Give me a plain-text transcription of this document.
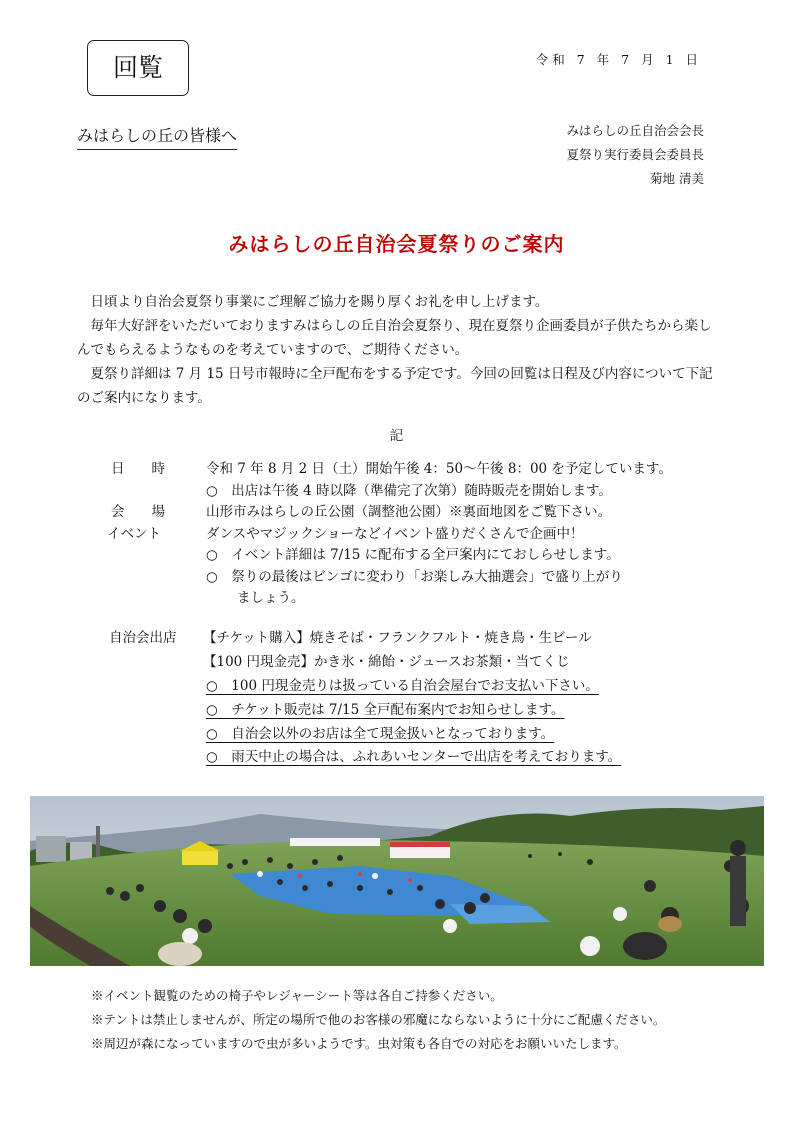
回覧	令和 7 年 7 月 1 日
みはらしの丘の皆様へ	みはらしの丘自治会会長
夏祭り実行委員会委員長
菊地 清美
みはらしの丘自治会夏祭りのご案内

日頃より自治会夏祭り事業にご理解ご協力を賜り厚くお礼を申し上げます。

毎年大好評をいただいておりますみはらしの丘自治会夏祭り、現在夏祭り企画委員が子供たちから楽しんでもらえるようなものを考えていますので、ご期待ください。

夏祭り詳細は 7 月 15 日号市報時に全戸配布をする予定です。今回の回覧は日程及び内容について下記のご案内になります。

記
日　　時	令和 7 年 8 月 2 日（土）開始午後 4：50～午後 8：00 を予定しています。
○　出店は午後 4 時以降（準備完了次第）随時販売を開始します。
会　　場	山形市みはらしの丘公園（調整池公園）※裏面地図をご覧下さい。
イベント	ダンスやマジックショーなどイベント盛りだくさんで企画中！
○　イベント詳細は 7/15 に配布する全戸案内にておしらせします。
○　祭りの最後はビンゴに変わり「お楽しみ大抽選会」で盛り上がり
ましょう。
自治会出店 【チケット購入】焼きそば・フランクフルト・焼き鳥・生ビール
【100 円現金売】かき氷・綿飴・ジュースお茶類・当てくじ
○　100 円現金売りは扱っている自治会屋台でお支払い下さい。
○　チケット販売は 7/15 全戸配布案内でお知らせします。
○　自治会以外のお店は全て現金扱いとなっております。
○　雨天中止の場合は、ふれあいセンターで出店を考えております。
※イベント観覧のための椅子やレジャーシート等は各自ご持参ください。
※テントは禁止しませんが、所定の場所で他のお客様の邪魔にならないように十分にご配慮ください。
※周辺が森になっていますので虫が多いようです。虫対策も各自での対応をお願いいたします。
